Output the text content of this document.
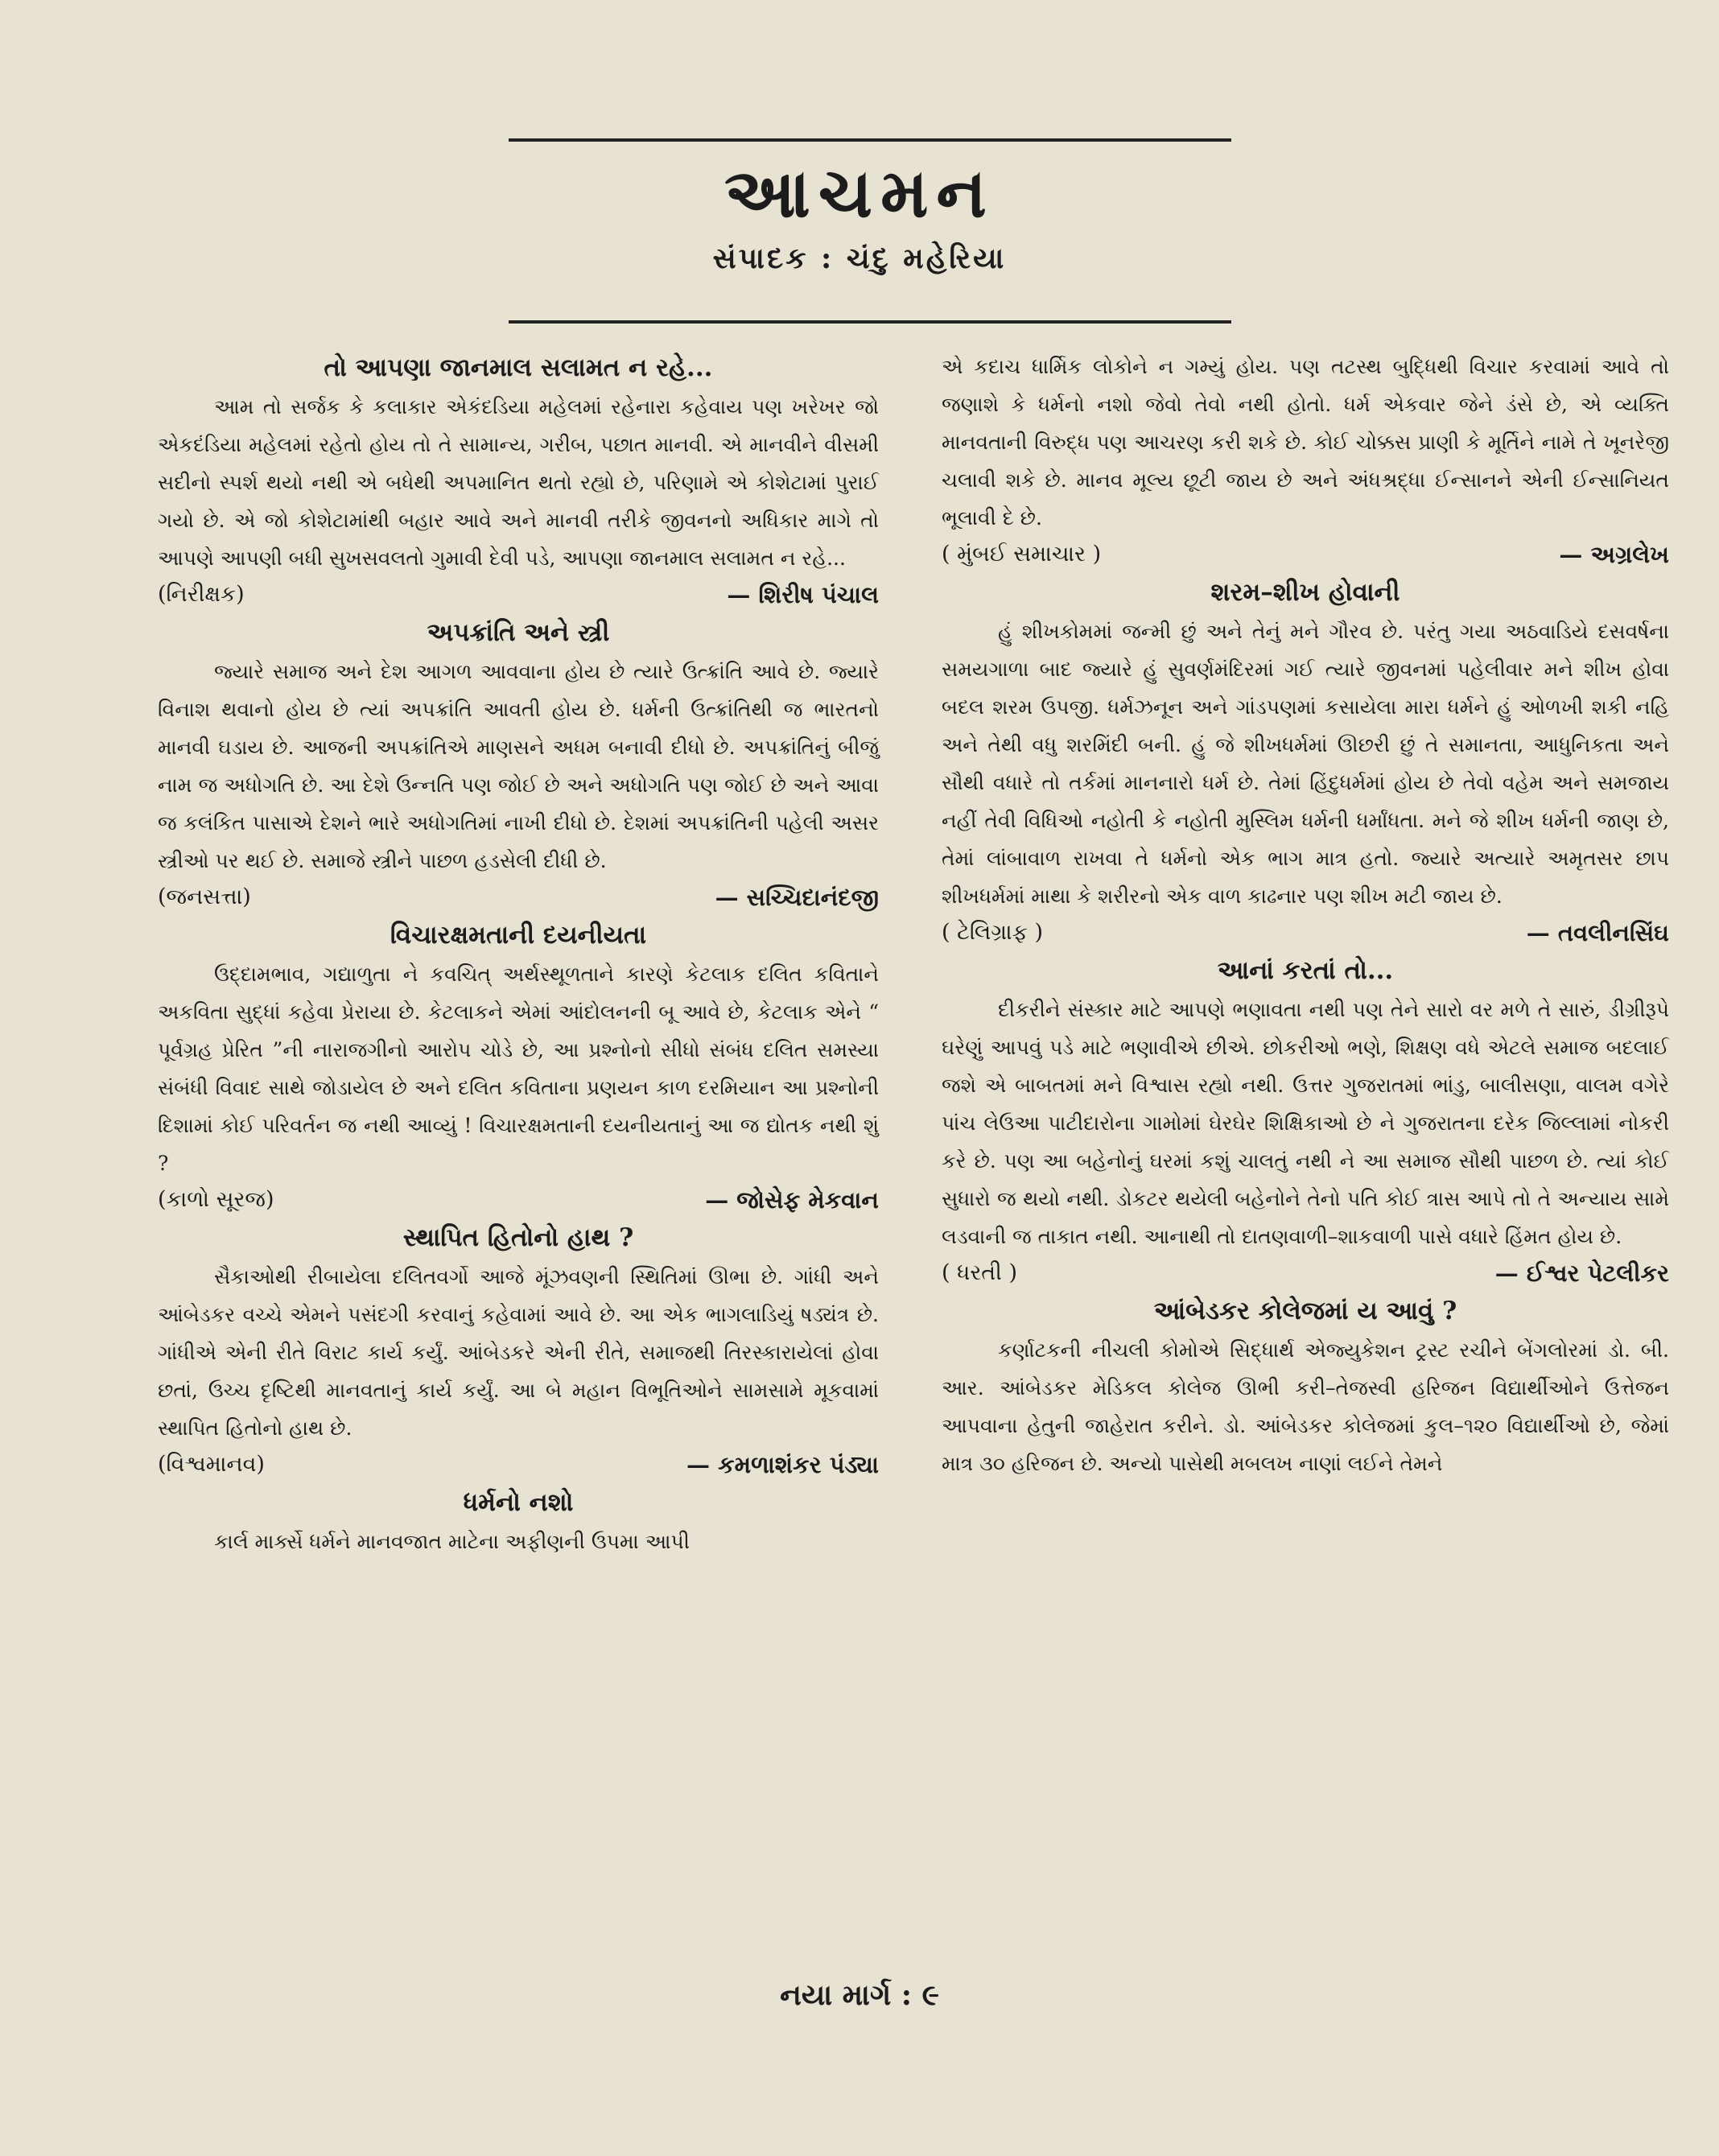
આચમન
સંપાદક : ચંદુ મહેરિયા
તો આપણા જાનમાલ સલામત ન રહે...

આમ તો સર્જક કે કલાકાર એકંદડિયા મહેલમાં રહેનારા કહેવાય પણ ખરેખર જો એકદંડિયા મહેલમાં રહેતો હોય તો તે સામાન્ય, ગરીબ, પછાત માનવી. એ માનવીને વીસમી સદીનો સ્પર્શ થયો નથી એ બધેથી અપમાનિત થતો રહ્યો છે, પરિણામે એ કોશેટામાં પુરાઈ ગયો છે. એ જો કોશેટામાંથી બહાર આવે અને માનવી તરીકે જીવનનો અધિકાર માગે તો આપણે આપણી બધી સુખસવલતો ગુમાવી દેવી પડે, આપણા જાનમાલ સલામત ન રહે...

(નિરીક્ષક)	— શિરીષ પંચાલ
અપક્રાંતિ અને સ્ત્રી

જ્યારે સમાજ અને દેશ આગળ આવવાના હોય છે ત્યારે ઉત્ક્રાંતિ આવે છે. જ્યારે વિનાશ થવાનો હોય છે ત્યાં અપક્રાંતિ આવતી હોય છે. ધર્મની ઉત્ક્રાંતિથી જ ભારતનો માનવી ઘડાય છે. આજની અપક્રાંતિએ માણસને અધમ બનાવી દીધો છે. અપક્રાંતિનું બીજું નામ જ અધોગતિ છે. આ દેશે ઉન્નતિ પણ જોઈ છે અને અધોગતિ પણ જોઈ છે અને આવા જ કલંકિત પાસાએ દેશને ભારે અધોગતિમાં નાખી દીધો છે. દેશમાં અપક્રાંતિની પહેલી અસર સ્ત્રીઓ પર થઈ છે. સમાજે સ્ત્રીને પાછળ હડસેલી દીધી છે.

(જનસત્તા)	— સચ્ચિદાનંદજી
વિચારક્ષમતાની દયનીયતા

ઉદ્દામભાવ, ગદ્યાળુતા ને કવચિત્ અર્થસ્થૂળતાને કારણે કેટલાક દલિત કવિતાને અકવિતા સુદ્ધાં કહેવા પ્રેરાયા છે. કેટલાકને એમાં આંદોલનની બૂ આવે છે, કેટલાક એને “ પૂર્વગ્રહ પ્રેરિત ”ની નારાજગીનો આરોપ ચોડે છે, આ પ્રશ્નોનો સીધો સંબંધ દલિત સમસ્યા સંબંધી વિવાદ સાથે જોડાયેલ છે અને દલિત કવિતાના પ્રણયન કાળ દરમિયાન આ પ્રશ્નોની દિશામાં કોઈ પરિવર્તન જ નથી આવ્યું ! વિચારક્ષમતાની દયનીયતાનું આ જ દ્યોતક નથી શું ?

(કાળો સૂરજ)	— જોસેફ મેકવાન
સ્થાપિત હિતોનો હાથ ?

સૈકાઓથી રીબાયેલા દલિતવર્ગો આજે મૂંઝવણની સ્થિતિમાં ઊભા છે. ગાંધી અને આંબેડકર વચ્ચે એમને પસંદગી કરવાનું કહેવામાં આવે છે. આ એક ભાગલાડિયું ષડ્યંત્ર છે. ગાંધીએ એની રીતે વિરાટ કાર્ય કર્યું. આંબેડકરે એની રીતે, સમાજથી તિરસ્કારાયેલાં હોવા છતાં, ઉચ્ચ દૃષ્ટિથી માનવતાનું કાર્ય કર્યું. આ બે મહાન વિભૂતિઓને સામસામે મૂકવામાં સ્થાપિત હિતોનો હાથ છે.

(વિશ્વમાનવ)	— કમળાશંકર પંડ્યા
ધર્મનો નશો

કાર્લ માર્ક્સે ધર્મને માનવજાત માટેના અફીણની ઉપમા આપી

એ કદાચ ધાર્મિક લોકોને ન ગમ્યું હોય. પણ તટસ્થ બુદ્ધિથી વિચાર કરવામાં આવે તો જણાશે કે ધર્મનો નશો જેવો તેવો નથી હોતો. ધર્મ એકવાર જેને ડંસે છે, એ વ્યક્તિ માનવતાની વિરુદ્ધ પણ આચરણ કરી શકે છે. કોઈ ચોક્કસ પ્રાણી કે મૂર્તિને નામે તે ખૂનરેજી ચલાવી શકે છે. માનવ મૂલ્ય છૂટી જાય છે અને અંધશ્રદ્ધા ઈન્સાનને એની ઈન્સાનિયત ભૂલાવી દે છે.

( મુંબઈ સમાચાર )	— અગ્રલેખ
શરમ–શીખ હોવાની

હું શીખકોમમાં જન્મી છું અને તેનું મને ગૌરવ છે. પરંતુ ગયા અઠવાડિયે દસવર્ષના સમયગાળા બાદ જ્યારે હું સુવર્ણમંદિરમાં ગઈ ત્યારે જીવનમાં પહેલીવાર મને શીખ હોવા બદલ શરમ ઉપજી. ધર્મઝનૂન અને ગાંડપણમાં કસાયેલા મારા ધર્મને હું ઓળખી શકી નહિ અને તેથી વધુ શરમિંદી બની. હું જે શીખધર્મમાં ઊછરી છું તે સમાનતા, આધુનિકતા અને સૌથી વધારે તો તર્કમાં માનનારો ધર્મ છે. તેમાં હિંદુધર્મમાં હોય છે તેવો વહેમ અને સમજાય નહીં તેવી વિધિઓ નહોતી કે નહોતી મુસ્લિમ ધર્મની ધર્માંધતા. મને જે શીખ ધર્મની જાણ છે, તેમાં લાંબાવાળ રાખવા તે ધર્મનો એક ભાગ માત્ર હતો. જ્યારે અત્યારે અમૃતસર છાપ શીખધર્મમાં માથા કે શરીરનો એક વાળ કાઢનાર પણ શીખ મટી જાય છે.

( ટેલિગ્રાફ )	— તવલીનસિંઘ
આનાં કરતાં તો...

દીકરીને સંસ્કાર માટે આપણે ભણાવતા નથી પણ તેને સારો વર મળે તે સારું, ડીગ્રીરૂપે ઘરેણું આપવું પડે માટે ભણાવીએ છીએ. છોકરીઓ ભણે, શિક્ષણ વધે એટલે સમાજ બદલાઈ જશે એ બાબતમાં મને વિશ્વાસ રહ્યો નથી. ઉત્તર ગુજરાતમાં ભાંડુ, બાલીસણા, વાલમ વગેરે પાંચ લેઉઆ પાટીદારોના ગામોમાં ઘેરઘેર શિક્ષિકાઓ છે ને ગુજરાતના દરેક જિલ્લામાં નોકરી કરે છે. પણ આ બહેનોનું ઘરમાં કશું ચાલતું નથી ને આ સમાજ સૌથી પાછળ છે. ત્યાં કોઈ સુધારો જ થયો નથી. ડોકટર થયેલી બહેનોને તેનો પતિ કોઈ ત્રાસ આપે તો તે અન્યાય સામે લડવાની જ તાકાત નથી. આનાથી તો દાતણવાળી–શાકવાળી પાસે વધારે હિંમત હોય છે.

( ધરતી )	— ઈશ્વર પેટલીકર
આંબેડકર કોલેજમાં ય આવું ?

કર્ણાટકની નીચલી કોમોએ સિદ્ધાર્થ એજ્યુકેશન ટ્રસ્ટ રચીને બેંગલોરમાં ડો. બી. આર. આંબેડકર મેડિકલ કોલેજ ઊભી કરી–તેજસ્વી હરિજન વિદ્યાર્થીઓને ઉત્તેજન આપવાના હેતુની જાહેરાત કરીને. ડો. આંબેડકર કોલેજમાં કુલ–૧૨૦ વિદ્યાર્થીઓ છે, જેમાં માત્ર ૩૦ હરિજન છે. અન્યો પાસેથી મબલખ નાણાં લઈને તેમને

નયા માર્ગ : ૯
